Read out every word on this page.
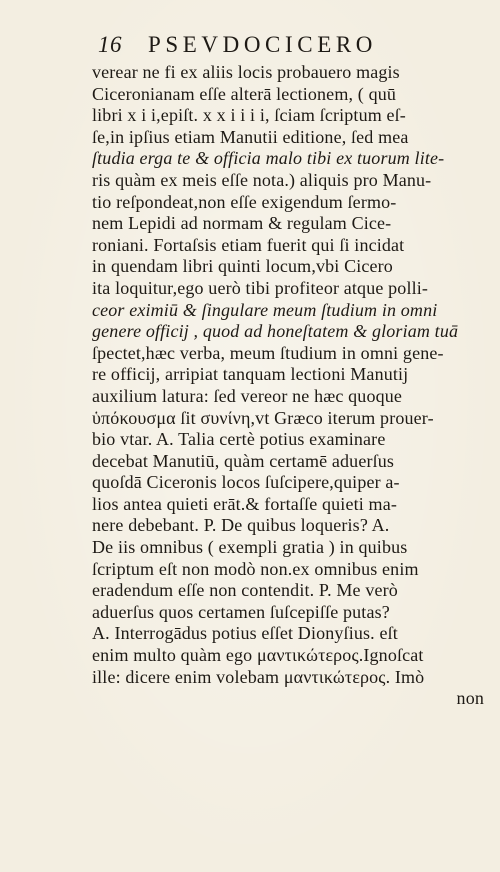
16 PSEVDOCICERO
verear ne fi ex aliis locis probauero magis
Ciceronianam eſſe alterā lectionem, ( quū
libri x i i,epiſt. x x i i i i, ſciam ſcriptum eſ-
ſe,in ipſius etiam Manutii editione, ſed mea
ſtudia erga te & officia malo tibi ex tuorum lite-
ris quàm ex meis eſſe nota.) aliquis pro Manu-
tio reſpondeat,non eſſe exigendum ſermo-
nem Lepidi ad normam & regulam Cice-
roniani. Fortaſsis etiam fuerit qui ſi incidat
in quendam libri quinti locum,vbi Cicero
ita loquitur,ego uerò tibi profiteor atque polli-
ceor eximiū & ſingulare meum ſtudium in omni
genere officij , quod ad honeſtatem & gloriam tuā
ſpectet,hæc verba, meum ſtudium in omni gene-
re officij, arripiat tanquam lectioni Manutij
auxilium latura: ſed vereor ne hæc quoque
ὑπόκουσμα ſit συνίνη,vt Græco iterum prouer-
bio vtar. A. Talia certè potius examinare
decebat Manutiū, quàm certamē aduerſus
quoſdā Ciceronis locos ſuſcipere,quiper a-
lios antea quieti erāt.& fortaſſe quieti ma-
nere debebant. P. De quibus loqueris? A.
De iis omnibus ( exempli gratia ) in quibus
ſcriptum eſt non modò non.ex omnibus enim
eradendum eſſe non contendit. P. Me verò
aduerſus quos certamen ſuſcepiſſe putas?
A. Interrogādus potius eſſet Dionyſius. eſt
enim multo quàm ego μαντικώτερος.Ignoſcat
ille: dicere enim volebam μαντικώτερος. Imò
non
